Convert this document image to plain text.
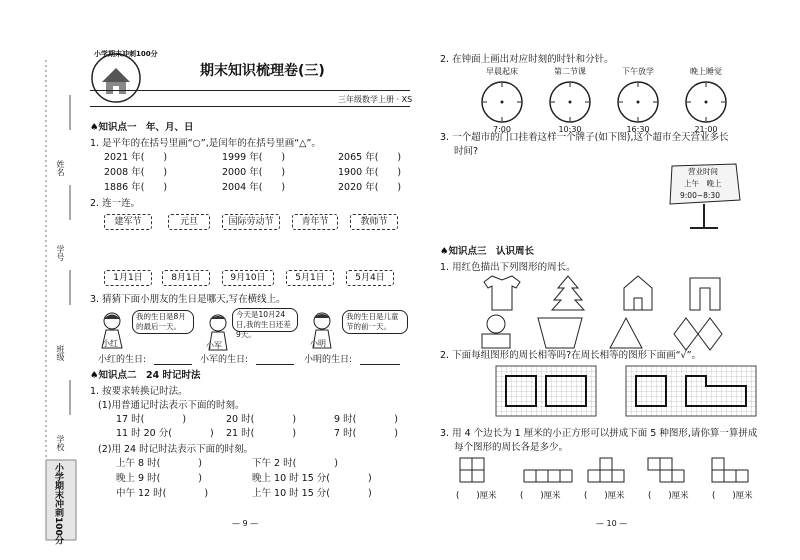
姓名
学号
班级
学校
小学期末冲刺100分
小学期末冲刺100分
期末知识梳理卷(三)
三年级数学上册 · XS
♠知识点一　年、月、日
1. 是平年的在括号里画“○”,是闰年的在括号里画“△”。
2021 年(　　)	1999 年(　　)	2065 年(　　)
2008 年(　　)	2000 年(　　)	1900 年(　　)
1886 年(　　)	2004 年(　　)	2020 年(　　)
2. 连一连。
建军节	元旦	国际劳动节	青年节	教师节
1月1日	8月1日	9月10日	5月1日	5月4日
3. 猜猜下面小朋友的生日是哪天,写在横线上。
我的生日是8月的最后一天。
今天是10月24日,我的生日还差9天。
我的生日是儿童节的前一天。
小红	小军	小明
小红的生日:	小军的生日:	小明的生日:
♠知识点二　24 时记时法
1. 按要求转换记时法。
(1)用普通记时法表示下面的时刻。
17 时(　　　　)	20 时(　　　　)	9 时(　　　　)
11 时 20 分(　　　　) 21 时(　　　　)	7 时(　　　　)
(2)用 24 时记时法表示下面的时刻。
上午 8 时(　　　　)	下午 2 时(　　　　)
晚上 9 时(　　　　)	晚上 10 时 15 分(　　　　)
中午 12 时(　　　　)	上午 10 时 15 分(　　　　)
— 9 —
2. 在钟面上画出对应时刻的时针和分针。
早晨起床
7:00
第二节课
10:30
下午放学
16:30
晚上睡觉
21:00
3. 一个超市的门口挂着这样一个牌子(如下图),这个超市全天营业多长
时间?
营业时间
上午　晚上
9:00~8:30
♠知识点三　认识周长
1. 用红色描出下列图形的周长。
2. 下面每组图形的周长相等吗?在周长相等的图形下面画“√”。
3. 用 4 个边长为 1 厘米的小正方形可以拼成下面 5 种图形,请你算一算拼成
每个图形的周长各是多少。
(　　)厘米	(　　)厘米	(　　)厘米	(　　)厘米	(　　)厘米
— 10 —
